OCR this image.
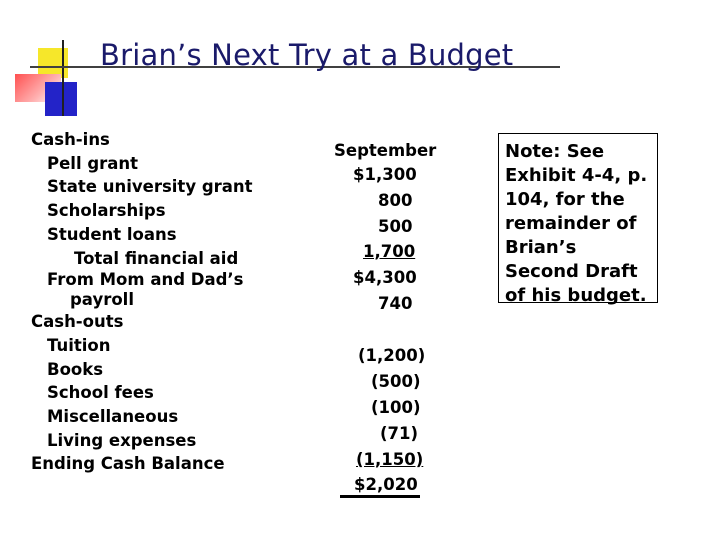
Brian’s Next Try at a Budget
Cash-ins
Pell grant
State university grant
Scholarships
Student loans
Total financial aid
From Mom and Dad’s
payroll
Cash-outs
Tuition
Books
School fees
Miscellaneous
Living expenses
Ending Cash Balance
September
$1,300
800
500
1,700
$4,300
740
(1,200)
(500)
(100)
(71)
(1,150)
$2,020
Note: See Exhibit 4-4, p. 104, for the remainder of Brian’s Second Draft of his budget.
